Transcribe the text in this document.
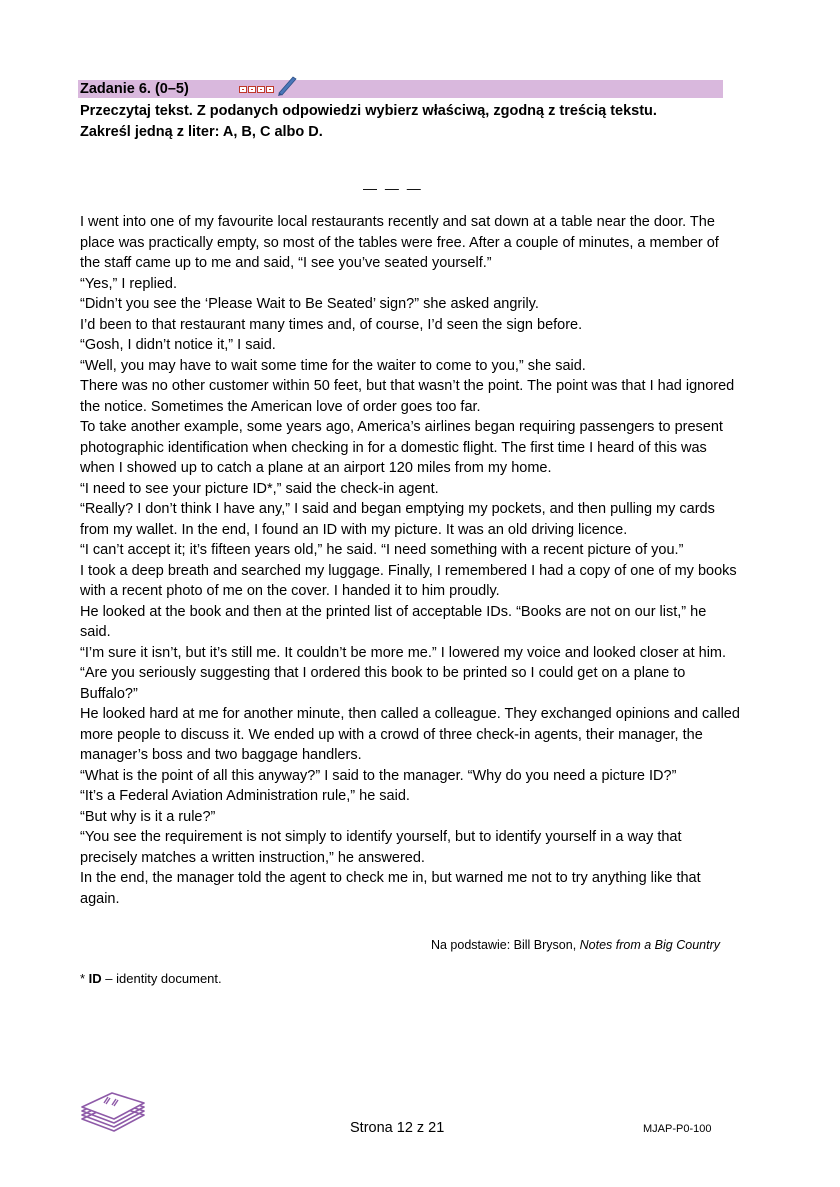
Zadanie 6. (0–5)

Przeczytaj tekst. Z podanych odpowiedzi wybierz właściwą, zgodną z treścią tekstu.

Zakreśl jedną z liter: A, B, C albo D.

— — —

I went into one of my favourite local restaurants recently and sat down at a table near the door. The place was practically empty, so most of the tables were free. After a couple of minutes, a member of the staff came up to me and said, “I see you’ve seated yourself.”

“Yes,” I replied.

“Didn’t you see the ‘Please Wait to Be Seated’ sign?” she asked angrily.

I’d been to that restaurant many times and, of course, I’d seen the sign before.

“Gosh, I didn’t notice it,” I said.

“Well, you may have to wait some time for the waiter to come to you,” she said.

There was no other customer within 50 feet, but that wasn’t the point. The point was that I had ignored the notice. Sometimes the American love of order goes too far.

To take another example, some years ago, America’s airlines began requiring passengers to present photographic identification when checking in for a domestic flight. The first time I heard of this was when I showed up to catch a plane at an airport 120 miles from my home.

“I need to see your picture ID*,” said the check-in agent.

“Really? I don’t think I have any,” I said and began emptying my pockets, and then pulling my cards from my wallet. In the end, I found an ID with my picture. It was an old driving licence.

“I can’t accept it; it’s fifteen years old,” he said. “I need something with a recent picture of you.”

I took a deep breath and searched my luggage. Finally, I remembered I had a copy of one of my books with a recent photo of me on the cover. I handed it to him proudly.

He looked at the book and then at the printed list of acceptable IDs. “Books are not on our list,” he said.

“I’m sure it isn’t, but it’s still me. It couldn’t be more me.” I lowered my voice and looked closer at him. “Are you seriously suggesting that I ordered this book to be printed so I could get on a plane to Buffalo?”

He looked hard at me for another minute, then called a colleague. They exchanged opinions and called more people to discuss it. We ended up with a crowd of three check-in agents, their manager, the manager’s boss and two baggage handlers.

“What is the point of all this anyway?” I said to the manager. “Why do you need a picture ID?”

“It’s a Federal Aviation Administration rule,” he said.

“But why is it a rule?”

“You see the requirement is not simply to identify yourself, but to identify yourself in a way that precisely matches a written instruction,” he answered.

In the end, the manager told the agent to check me in, but warned me not to try anything like that again.

Na podstawie: Bill Bryson, Notes from a Big Country
* ID – identity document.
Strona 12 z 21	MJAP-P0-100
